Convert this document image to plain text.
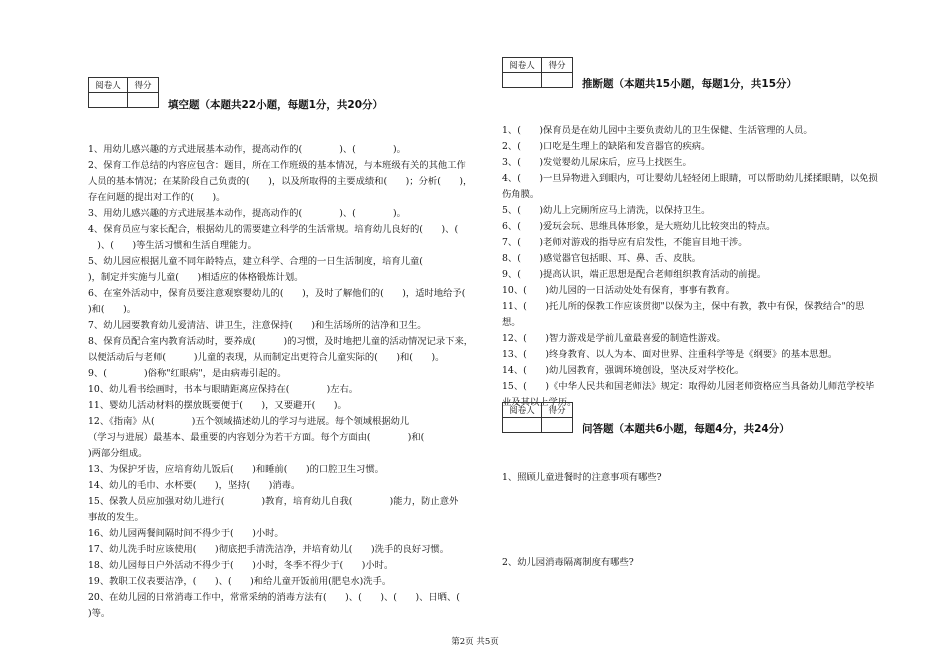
阅卷人	得分

填空题（本题共22小题，每题1分，共20分）

1、用幼儿感兴趣的方式进展基本动作，提高动作的(　　　　)、(　　　　)。

2、保育工作总结的内容应包含：题目，所在工作班级的基本情况，与本班级有关的其他工作

人员的基本情况；在某阶段自己负责的(　　)，以及所取得的主要成绩和(　　)；分析(　　)，

存在问题的提出对工作的(　　)。

3、用幼儿感兴趣的方式进展基本动作，提高动作的(　　　　)、(　　　　)。

4、保育员应与家长配合，根据幼儿的需要建立科学的生活常规。培育幼儿良好的(　　)、(

　)、(　　)等生活习惯和生活自理能力。

5、幼儿园应根据儿童不同年龄特点，建立科学、合理的一日生活制度，培育儿童(　　

)，制定并实施与儿童(　　)相适应的体格锻炼计划。

6、在室外活动中，保育员要注意观察婴幼儿的(　　)，及时了解他们的(　　)，适时地给予(

)和(　　)。

7、幼儿园要教育幼儿爱清洁、讲卫生，注意保持(　　)和生活场所的洁净和卫生。

8、保育员配合室内教育活动时，要养成(　　　)的习惯，及时地把儿童的活动情况记录下来，

以便活动后与老师(　　　)儿童的表现，从而制定出更符合儿童实际的(　　)和(　　)。

9、(　　　　)俗称"红眼病"，是由病毒引起的。

10、幼儿看书绘画时，书本与眼睛距离应保持在(　　　　)左右。

11、婴幼儿活动材料的摆放既要便于(　　)，又要避开(　　)。

12、《指南》从(　　　　)五个领域描述幼儿的学习与进展。每个领域根据幼儿

（学习与进展）最基本、最重要的内容划分为若干方面。每个方面由(　　　　)和(　

)两部分组成。

13、为保护牙齿，应培育幼儿饭后(　　)和睡前(　　)的口腔卫生习惯。

14、幼儿的毛巾、水杯要(　　)，坚持(　　)消毒。

15、保教人员应加强对幼儿进行(　　　　)教育，培育幼儿自我(　　　　)能力，防止意外

事故的发生。

16、幼儿园两餐间隔时间不得少于(　　)小时。

17、幼儿洗手时应该使用(　　)彻底把手清洗洁净，并培育幼儿(　　)洗手的良好习惯。

18、幼儿园每日户外活动不得少于(　　)小时，冬季不得少于(　　)小时。

19、教职工仪表要洁净，(　　)、(　　)和给儿童开饭前用(肥皂水)洗手。

20、在幼儿园的日常消毒工作中，常常采纳的消毒方法有(　　)、(　　)、(　　)、日晒、(

)等。

阅卷人	得分

推断题（本题共15小题，每题1分，共15分）

1、(　　)保育员是在幼儿园中主要负责幼儿的卫生保健、生活管理的人员。

2、(　　)口吃是生理上的缺陷和发音器官的疾病。

3、(　　)发觉婴幼儿尿床后，应马上找医生。

4、(　　)一旦异物进入到眼内，可让婴幼儿轻轻闭上眼睛，可以帮助幼儿揉揉眼睛，以免损

伤角膜。

5、(　　)幼儿上完厕所应马上清洗，以保持卫生。

6、(　　)爱玩会玩、思维具体形象，是大班幼儿比较突出的特点。

7、(　　)老师对游戏的指导应有启发性，不能盲目地干涉。

8、(　　)感觉器官包括眼、耳、鼻、舌、皮肤。

9、(　　)提高认识，端正思想是配合老师组织教育活动的前提。

10、(　　)幼儿园的一日活动处处有保育，事事有教育。

11、(　　)托儿所的保教工作应该贯彻"以保为主，保中有教，教中有保，保教结合"的思

想。

12、(　　)智力游戏是学前儿童最喜爱的制造性游戏。

13、(　　)终身教育、以人为本、面对世界、注重科学等是《纲要》的基本思想。

14、(　　)幼儿园教育，强调环境创设，坚决反对学校化。

15、(　　)《中华人民共和国老师法》规定：取得幼儿园老师资格应当具备幼儿师范学校毕

业及其以上学历。

阅卷人	得分

问答题（本题共6小题，每题4分，共24分）
1、照顾儿童进餐时的注意事项有哪些?
2、幼儿园消毒隔离制度有哪些?
第2页 共5页
